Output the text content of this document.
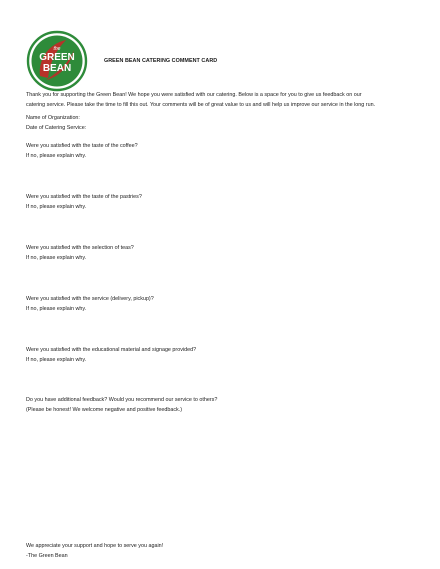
the
GREEN
BEAN
GREEN BEAN CATERING COMMENT CARD
Thank you for supporting the Green Bean! We hope you were satisfied with our catering. Below is a space for you to give us feedback on our
catering service. Please take the time to fill this out. Your comments will be of great value to us and will help us improve our service in the long run.
Name of Organization:
Date of Catering Service:
Were you satisfied with the taste of the coffee?
If no, please explain why.
Were you satisfied with the taste of the pastries?
If no, please explain why.
Were you satisfied with the selection of teas?
If no, please explain why.
Were you satisfied with the service (delivery, pickup)?
If no, please explain why.
Were you satisfied with the educational material and signage provided?
If no, please explain why.
Do you have additional feedback? Would you recommend our service to others?
(Please be honest! We welcome negative and positive feedback.)
We appreciate your support and hope to serve you again!
-The Green Bean
